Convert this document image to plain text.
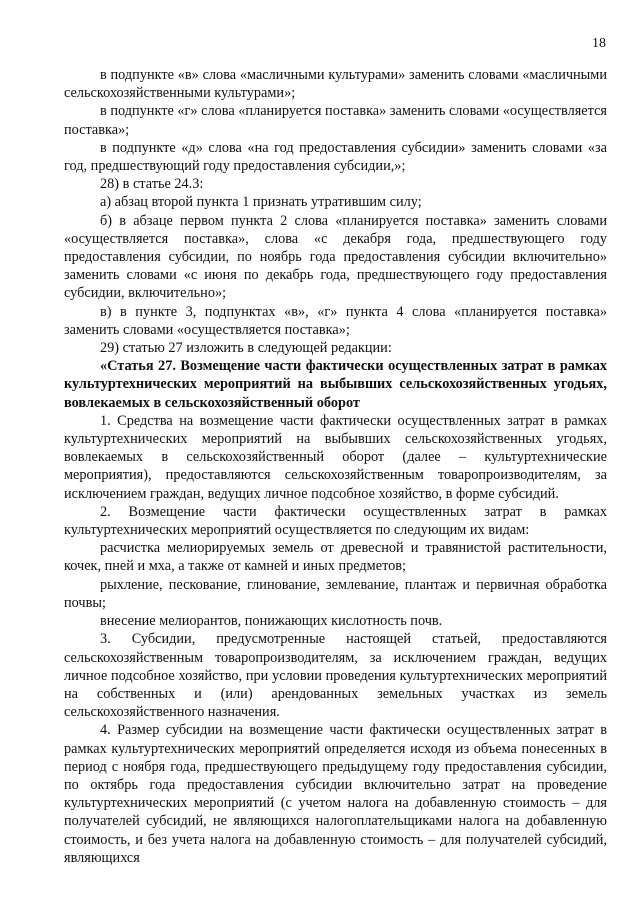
18

в подпункте «в» слова «масличными культурами» заменить словами «масличными сельскохозяйственными культурами»;

в подпункте «г» слова «планируется поставка» заменить словами «осуществляется поставка»;

в подпункте «д» слова «на год предоставления субсидии» заменить словами «за год, предшествующий году предоставления субсидии,»;

28) в статье 24.3:

а) абзац второй пункта 1 признать утратившим силу;

б) в абзаце первом пункта 2 слова «планируется поставка» заменить словами «осуществляется поставка», слова «с декабря года, предшествующего году предоставления субсидии, по ноябрь года предоставления субсидии включительно» заменить словами «с июня по декабрь года, предшествующего году предоставления субсидии, включительно»;

в) в пункте 3, подпунктах «в», «г» пункта 4 слова «планируется поставка» заменить словами «осуществляется поставка»;

29) статью 27 изложить в следующей редакции:

«Статья 27. Возмещение части фактически осуществленных затрат в рамках культуртехнических мероприятий на выбывших сельскохозяйственных угодьях, вовлекаемых в сельскохозяйственный оборот

1. Средства на возмещение части фактически осуществленных затрат в рамках культуртехнических мероприятий на выбывших сельскохозяйственных угодьях, вовлекаемых в сельскохозяйственный оборот (далее – культуртехнические мероприятия), предоставляются сельскохозяйственным товаропроизводителям, за исключением граждан, ведущих личное подсобное хозяйство, в форме субсидий.

2. Возмещение части фактически осуществленных затрат в рамках культуртехнических мероприятий осуществляется по следующим их видам:

расчистка мелиорируемых земель от древесной и травянистой растительности, кочек, пней и мха, а также от камней и иных предметов;

рыхление, пескование, глинование, землевание, плантаж и первичная обработка почвы;

внесение мелиорантов, понижающих кислотность почв.

3. Субсидии, предусмотренные настоящей статьей, предоставляются сельскохозяйственным товаропроизводителям, за исключением граждан, ведущих личное подсобное хозяйство, при условии проведения культуртехнических мероприятий на собственных и (или) арендованных земельных участках из земель сельскохозяйственного назначения.

4. Размер субсидии на возмещение части фактически осуществленных затрат в рамках культуртехнических мероприятий определяется исходя из объема понесенных в период с ноября года, предшествующего предыдущему году предоставления субсидии, по октябрь года предоставления субсидии включительно затрат на проведение культуртехнических мероприятий (с учетом налога на добавленную стоимость – для получателей субсидий, не являющихся налогоплательщиками налога на добавленную стоимость, и без учета налога на добавленную стоимость – для получателей субсидий, являющихся
